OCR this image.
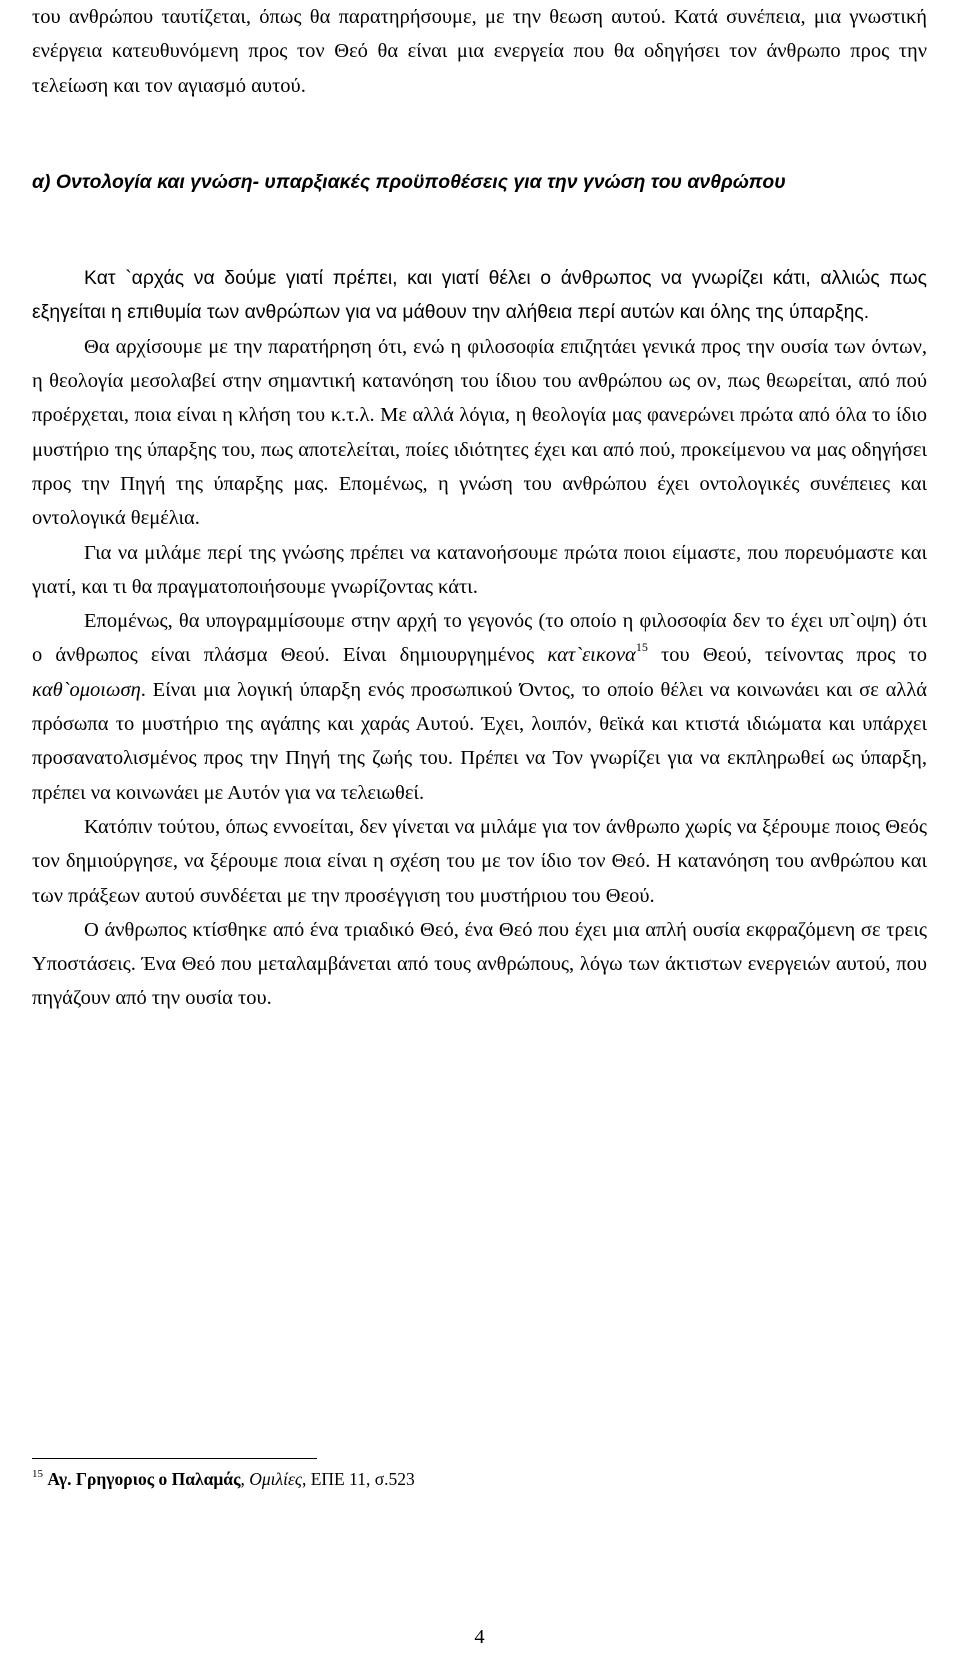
του ανθρώπου ταυτίζεται, όπως θα παρατηρήσουμε, με την θεωση αυτού. Κατά συνέπεια, μια γνωστική ενέργεια κατευθυνόμενη προς τον Θεό θα είναι μια ενεργεία που θα οδηγήσει τον άνθρωπο προς την τελείωση και τον αγιασμό αυτού.

α) Οντολογία και γνώση- υπαρξιακές προϋποθέσεις για την γνώση του ανθρώπου

Κατ `αρχάς να δούμε γιατί πρέπει, και γιατί θέλει ο άνθρωπος να γνωρίζει κάτι, αλλιώς πως εξηγείται η επιθυμία των ανθρώπων για να μάθουν την αλήθεια περί αυτών και όλης της ύπαρξης.

Θα αρχίσουμε με την παρατήρηση ότι, ενώ η φιλοσοφία επιζητάει γενικά προς την ουσία των όντων, η θεολογία μεσολαβεί στην σημαντική κατανόηση του ίδιου του ανθρώπου ως ον, πως θεωρείται, από πού προέρχεται, ποια είναι η κλήση του κ.τ.λ. Με αλλά λόγια, η θεολογία μας φανερώνει πρώτα από όλα το ίδιο μυστήριο της ύπαρξης του, πως αποτελείται, ποίες ιδιότητες έχει και από πού, προκείμενου να μας οδηγήσει προς την Πηγή της ύπαρξης μας. Επομένως, η γνώση του ανθρώπου έχει οντολογικές συνέπειες και οντολογικά θεμέλια.

Για να μιλάμε περί της γνώσης πρέπει να κατανοήσουμε πρώτα ποιοι είμαστε, που πορευόμαστε και γιατί, και τι θα πραγματοποιήσουμε γνωρίζοντας κάτι.

Επομένως, θα υπογραμμίσουμε στην αρχή το γεγονός (το οποίο η φιλοσοφία δεν το έχει υπ`οψη) ότι ο άνθρωπος είναι πλάσμα Θεού. Είναι δημιουργημένος κατ`εικονα$^{15}$ του Θεού, τείνοντας προς το καθ`ομοιωση. Είναι μια λογική ύπαρξη ενός προσωπικού Όντος, το οποίο θέλει να κοινωνάει και σε αλλά πρόσωπα το μυστήριο της αγάπης και χαράς Αυτού. Έχει, λοιπόν, θεϊκά και κτιστά ιδιώματα και υπάρχει προσανατολισμένος προς την Πηγή της ζωής του. Πρέπει να Τον γνωρίζει για να εκπληρωθεί ως ύπαρξη, πρέπει να κοινωνάει με Αυτόν για να τελειωθεί.

Κατόπιν τούτου, όπως εννοείται, δεν γίνεται να μιλάμε για τον άνθρωπο χωρίς να ξέρουμε ποιος Θεός τον δημιούργησε, να ξέρουμε ποια είναι η σχέση του με τον ίδιο τον Θεό. Η κατανόηση του ανθρώπου και των πράξεων αυτού συνδέεται με την προσέγγιση του μυστήριου του Θεού.

Ο άνθρωπος κτίσθηκε από ένα τριαδικό Θεό, ένα Θεό που έχει μια απλή ουσία εκφραζόμενη σε τρεις Υποστάσεις. Ένα Θεό που μεταλαμβάνεται από τους ανθρώπους, λόγω των άκτιστων ενεργειών αυτού, που πηγάζουν από την ουσία του.

$^{15}$ Αγ. Γρηγοριος ο Παλαμάς, Ομιλίες, ΕΠΕ 11, σ.523
4
